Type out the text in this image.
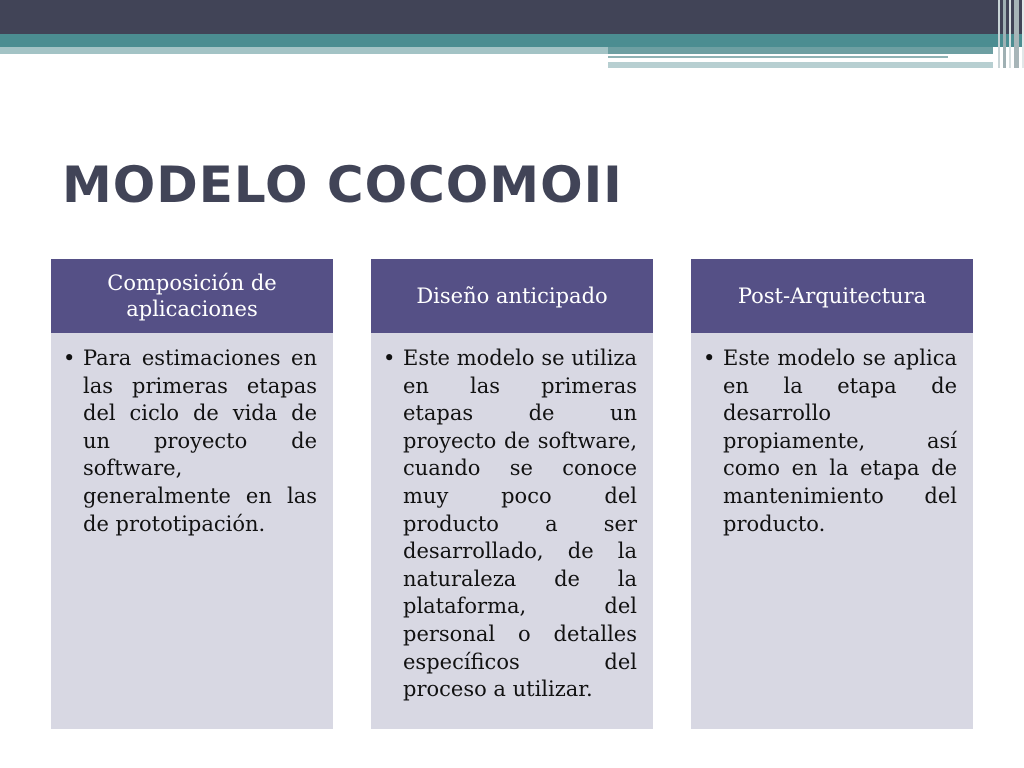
MODELO COCOMOII
Composición de aplicaciones
• Para estimaciones en las primeras etapas del ciclo de vida de un proyecto de software, generalmente en las de prototipación.

Diseño anticipado
• Este modelo se utiliza en las primeras etapas de un proyecto de software, cuando se conoce muy poco del producto a ser desarrollado, de la naturaleza de la plataforma, del personal o detalles específicos del proceso a utilizar.

Post-Arquitectura
• Este modelo se aplica en la etapa de desarrollo propiamente, así como en la etapa de mantenimiento del producto.
